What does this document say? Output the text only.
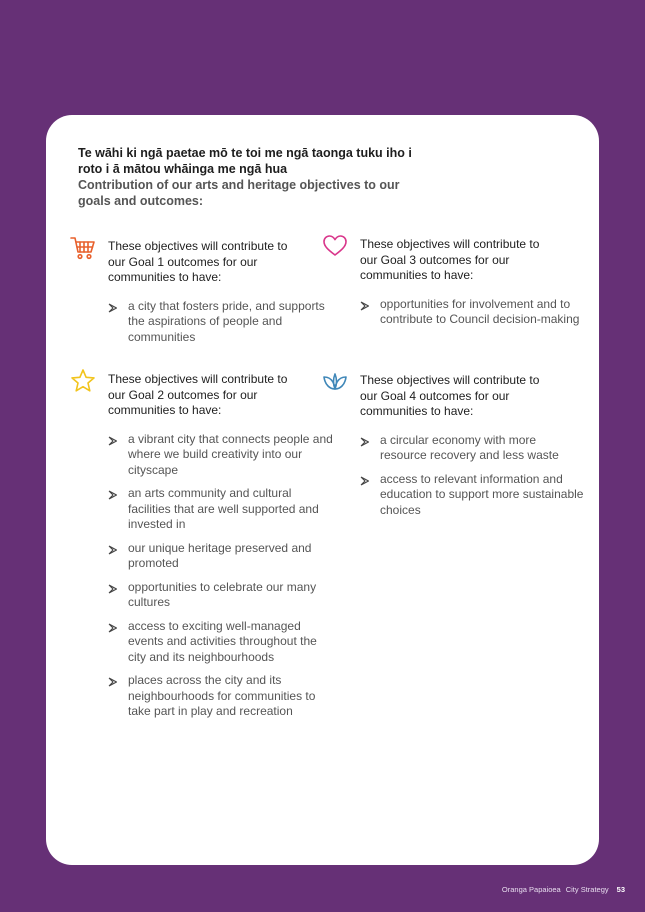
Te wāhi ki ngā paetae mō te toi me ngā taonga tuku iho i roto i ā mātou whāinga me ngā hua
Contribution of our arts and heritage objectives to our goals and outcomes:
These objectives will contribute to our Goal 1 outcomes for our communities to have:
a city that fosters pride, and supports the aspirations of people and communities
These objectives will contribute to our Goal 2 outcomes for our communities to have:
a vibrant city that connects people and where we build creativity into our cityscape
an arts community and cultural facilities that are well supported and invested in
our unique heritage preserved and promoted
opportunities to celebrate our many cultures
access to exciting well-managed events and activities throughout the city and its neighbourhoods
places across the city and its neighbourhoods for communities to take part in play and recreation
These objectives will contribute to our Goal 3 outcomes for our communities to have:
opportunities for involvement and to contribute to Council decision-making
These objectives will contribute to our Goal 4 outcomes for our communities to have:
a circular economy with more resource recovery and less waste
access to relevant information and education to support more sustainable choices
Oranga Papaioea City Strategy 53
